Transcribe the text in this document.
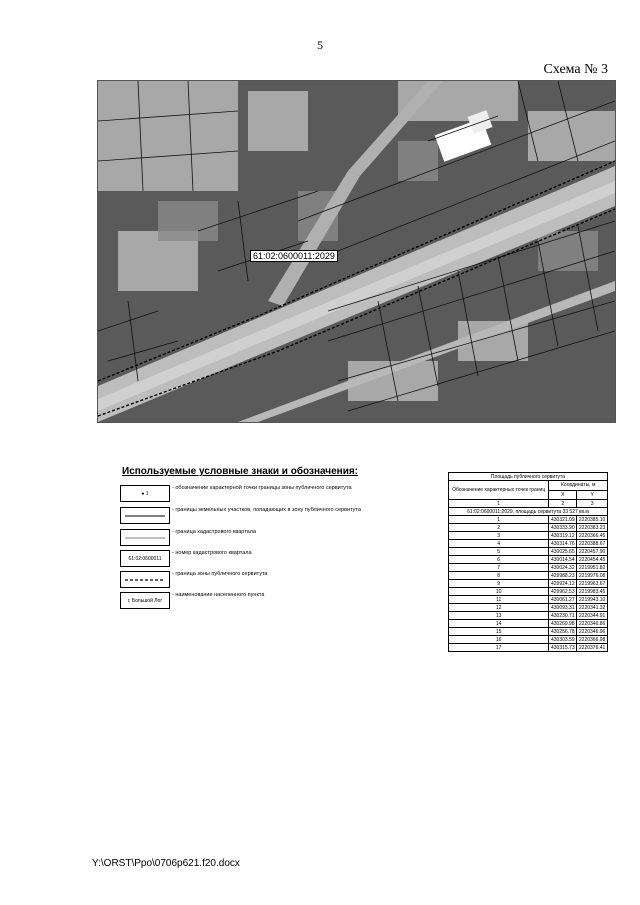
5
Схема № 3
61:02:0600011:2029
Используемые условные знаки и обозначения:
● 1
- обозначение характерной точки границы зоны публичного сервитута
- границы земельных участков, попадающих в зону публичного сервитута
- граница кадастрового квартала
61:02:0600011
- номер кадастрового квартала
- граница зоны публичного сервитута
г. Большой Лог
- наименование населенного пункта
Площадь публичного сервитута		
Обозначение характерных точек границ	Координаты, м	
	X	Y
1	2	3
61:02:0600011:2029, площадь сервитута 33 527 кв.м		
1	430321.09	2220385.10
2	430333.90	2220383.23
3	430319.12	2220366.45
4	430314.76	2220388.67
5	430025.65	2220457.90
6	430014.54	2220454.45
7	430024.32	2219951.82
8	429988.23	2219976.08
9	429924.12	2219963.67
10	429962.53	2219983.45
11	430061.27	2219943.10
12	430093.31	2220341.32
13	430230.71	2220344.91
14	430269.98	2220346.86
15	430256.78	2220346.96
16	430303.59	2220366.98
17	430315.73	2220376.41
Y:\ORST\Ppo\0706p621.f20.docx
